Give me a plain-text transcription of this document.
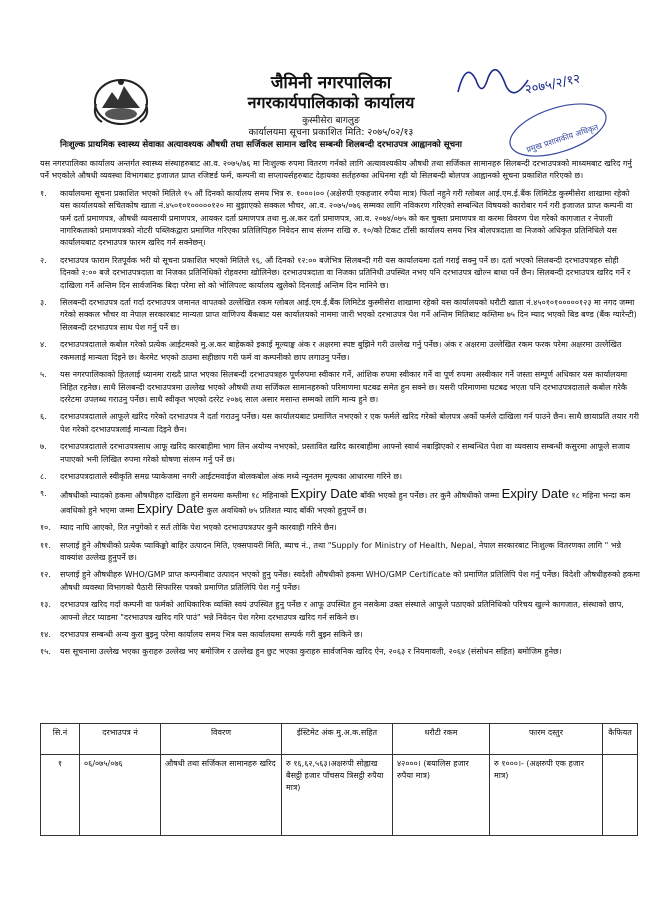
जैमिनी नगरपालिका
नगरकार्यपालिकाको कार्यालय
कुस्मीसेरा बागलुङ
कार्यालयमा सूचना प्रकाशित मिति: २०७५/०२/१३
निःशुल्क प्राथमिक स्वास्थ्य सेवाका अत्यावश्यक औषधी तथा सर्जिकल सामान खरिद सम्बन्धी शिलबन्दी दरभाउपत्र आह्वानको सूचना
२०७५/२/१२
प्रमुख प्रशासकीय अधिकृत

यस नगरपालिका कार्यालय अन्तर्गत स्वास्थ्य संस्थाहरुबाट आ.व. २०७५/७६ मा निःशुल्क रुपमा वितरण गर्नको लागि अत्यावश्यकीय औषधी तथा सर्जिकल सामानहरु सिलबन्दी दरभाउपत्रको माध्यमबाट खरिद गर्नु पर्ने भएकोले औषधी व्यवस्था विभागबाट इजाजत प्राप्त रजिष्टर्ड फर्म, कम्पनी वा सप्लायर्सहरुबाट देहायका सर्तहरुका अधिनमा रही यो सिलबन्दी बोलपत्र आह्वानको सूचना प्रकाशित गरिएको छ।

१.	कार्यालयमा सूचना प्रकाशित भएको मितिले १५ औं दिनको कार्यालय समय भित्र रु. १०००।०० (अक्षेरुपी एकहजार रुपैया मात्र) फिर्ता नहुने गरी ग्लोबल आई.एम.ई.बैंक लिमिटेड कुस्मीसेरा शाखामा रहेको यस कार्यालयको सचितकोष खाता नं.४५०१०१०००००१२० मा बुझाएको सक्कल भौचर, आ.व. २०७५/०७६ सम्मका लागि नविकरण गरिएको सम्बन्धित विषयको कारोबार गर्न गरी इजाजत प्राप्त कम्पनी वा फर्म दर्ता प्रमाणपत्र, औषधी व्यवसायी प्रमाणपत्र, आयकर दर्ता प्रमाणपत्र तथा मु.अ.कर दर्ता प्रमाणपत्र, आ.व. २०७४/०७५ को कर चुक्ता प्रमाणपत्र वा करमा विवरण पेश गरेको कागजात र नेपाली नागरिकताको प्रमाणपत्रको नोटरी पब्लिकद्वारा प्रमाणित गरिएका प्रतिलिपिहरु निवेदन साथ संलग्न राखि रु. १०/को टिकट टाँसी कार्यालय समय भित्र बोलपत्रदाता वा निजको अधिकृत प्रतिनिधिले यस कार्यालयबाट दरभाउपत्र फारम खरिद गर्न सक्नेछन्।
२.	दरभाउपत्र फाराम रितपूर्वक भरी यो सूचना प्रकाशित भएको मितिले १६, औं दिनको १२:०० बजेभित्र सिलबन्दी गरी यस कार्यालयमा दर्ता गराई सक्नु पर्ने छ। दर्ता भएको सिलबन्दी दरभाउपत्रहरु सोही दिनको २:०० बजे दरभाउपत्रदाता वा निजका प्रतिनिधिको रोहवरमा खोलिनेछ। दरभाउपत्रदाता वा निजका प्रतिनिधी उपस्थित नभए पनि दरभाउपत्र खोल्न बाधा पर्ने छैन। सिलबन्दी दरभाउपत्र खरिद गर्ने र दाखिला गर्ने अन्तिम दिन सार्वजनिक बिदा परेमा सो को भोलिपल्ट कार्यालय खुलेको दिनलाई अन्तिम दिन मानिने छ।
३.	सिलबन्दी दरभाउपत्र दर्ता गर्दा दरभाउपत्र जमानत वापतको उल्लेखित रकम ग्लोबल आई.एम.ई.बैंक लिमिटेड कुस्मीसेरा शाखामा रहेको यस कार्यालयको धरौटी खाता नं.४५०१०१०००००१२३ मा नगद जम्मा गरेको सक्कल भौचर वा नेपाल सरकारबाट मान्यता प्राप्त वाणिज्य बैंकबाट यस कार्यालयको नाममा जारी भएको दरभाउपत्र पेश गर्ने अन्तिम मितिबाट कम्तिमा ७५ दिन म्याद भएको बिड बण्ड (बैंक ग्यारेन्टी) सिलबन्दी दरभाउपत्र साथ पेश गर्नु पर्ने छ।
४.	दरभाउपत्रदाताले कबोल गरेको प्रत्येक आईटमको मु.अ.कर बाहेकको इकाई मूल्याङ्क अंक र अक्षरमा स्पष्ट बुझिने गरी उल्लेख गर्नु पर्नेछ। अंक र अक्षरमा उल्लेखित रकम फरक परेमा अक्षरमा उल्लेखित रकमलाई मान्यता दिइने छ। केरमेट भएको ठाउमा सहीछाप गरी फर्म वा कम्पनीको छाप लगाउनु पर्नेछ।
५.	यस नगरपालिकाको हितलाई ध्यानमा राख्दै प्राप्त भएका सिलबन्दी दरभाउपत्रहरु पूर्णरुपमा स्वीकार गर्ने, आंशिक रुपमा स्वीकार गर्ने वा पूर्ण रुपमा अस्वीकार गर्ने जस्ता सम्पूर्ण अधिकार यस कार्यालयमा निहित रहनेछ। साथै सिलबन्दी दरभाउपत्रमा उल्लेख भएको औषधी तथा सर्जिकल सामानहरुको परिमाणमा घटबढ समेत हुन सक्ने छ। यसरी परिमाणमा घटबढ भएता पनि दरभाउपत्रदाताले कबोल गरेकै दररेटमा उपलब्ध गराउनु पर्नेछ। साथै स्वीकृत भएको दररेट २०७६ साल असार मसान्त सम्मको लागि मान्य हुने छ।
६.	दरभाउपत्रदाताले आफूले खरिद गरेको दरभाउपत्र नै दर्ता गराउनु पर्नेछ। यस कार्यालयबाट प्रमाणित नभएको र एक फर्मले खरिद गरेको बोलपत्र अर्को फर्मले दाखिला गर्न पाउने छैन। साथै छायाप्रति तयार गरी पेश गरेको दरभाउपत्रलाई मान्यता दिइने छैन।
७.	दरभाउपत्रदाताले दरभाउपत्रसाथ आफू खरिद कारबाहीमा भाग लिन अयोग्य नभएको, प्रस्तावित खरिद कारबाहीमा आफ्नो स्वार्थ नबाझिएको र सम्बन्धित पेशा वा व्यवसाय सम्बन्धी कसुरमा आफूले सजाय नपाएको भनी लिखित रुपमा गरेको घोषणा संलग्न गर्नु पर्ने छ।
८.	दरभाउपत्रदाताले स्वीकृति समग्र प्याकेजमा नगरी आईटमवाईज बोलकबोल अंक मध्ये न्यूनतम मूल्यका आधारमा गरिने छ।
९.	औषधीको म्यादको हकमा औषधीहरु दाखिला हुने समयमा कम्तीमा १८ महिनाको Expiry Date बाँकी भएको हुन पर्नेछ। तर कुनै औषधीको जम्मा Expiry Date १८ महिना भन्दा कम अवधिको हुने भएमा जम्मा Expiry Date कुल अवधिको ७५ प्रतिशत म्याद बाँकी भएको हुनुपर्ने छ।
१०.	म्याद नाघि आएको, रित नपुगेको र सर्त तोकि पेश भएको दरभाउपत्रउपर कुनै कारवाही गरिने छैन।
११.	सप्लाई हुने औषधीको प्रत्येक प्याकिङ्को बाहिर उत्पादन मिति, एक्सपायरी मिति, ब्याच नं., तथा "Supply for Ministry of Health, Nepal, नेपाल सरकारबाट निःशुल्क वितरणका लागि " भन्ने वाक्यांश उल्लेख हुनुपर्ने छ।
१२.	सप्लाई हुने औषधीहरु WHO/GMP प्राप्त कम्पनीबाट उत्पादन भएको हुनु पर्नेछ। स्वदेशी औषधीको हकमा WHO/GMP Certificate को प्रमाणित प्रतिलिपि पेश गर्नु पर्नेछ। विदेशी औषधीहरुको हकमा औषधी व्यवस्था विभागको पैठारी सिफारिस पत्रको प्रमाणित प्रतिलिपि पेश गर्नु पर्नेछ।
१३.	दरभाउपत्र खरिद गर्दा कम्पनी वा फर्मको आधिकारिक व्यक्ति स्वयं उपस्थित हुनु पर्नेछ र आफू उपस्थित हुन नसकेमा उक्त संस्थाले आफूले पठाएको प्रतिनिधिको परिचय खुल्ने कागजात, संस्थाको छाप, आफ्नो लेटर प्याडमा "दरभाउपत्र खरिद गरि पाउं" भन्ने निवेदन पेश गरेमा दरभाउपत्र खरिद गर्न सकिने छ।
१४.	दरभाउपत्र सम्बन्धी अन्य कुरा बुझ्नु परेमा कार्यालय समय भित्र यस कार्यालयमा सम्पर्क गरी बुझ्न सकिने छ।
१५.	यस सूचनामा उल्लेख भएका कुराहरु उल्लेख भए बमोजिम र उल्लेख हुन छुट भएका कुराहरु सार्वजनिक खरिद ऐन, २०६३ र नियमावली, २०६४ (संसोधन सहित) बमोजिम हुनेछ।
सि.नं	दरभाउपत्र नं	विवरण	ईस्टिमेट अंक मु.अ.क.सहित	धरौटी रकम	फारम दस्तुर	कैफियत
१	०६/०७५/०७६	औषधी तथा सर्जिकल सामानहरु खरिद	रु १६,६२,५६३।अक्षरुपी सोह्लाख बैसट्ठी हजार पाँचसय त्रिसट्ठी रुपैया मात्र)	४२०००। (बयालिस हजार रुपैया मात्र)	रु १०००।- (अक्षरुपी एक हजार मात्र)	
